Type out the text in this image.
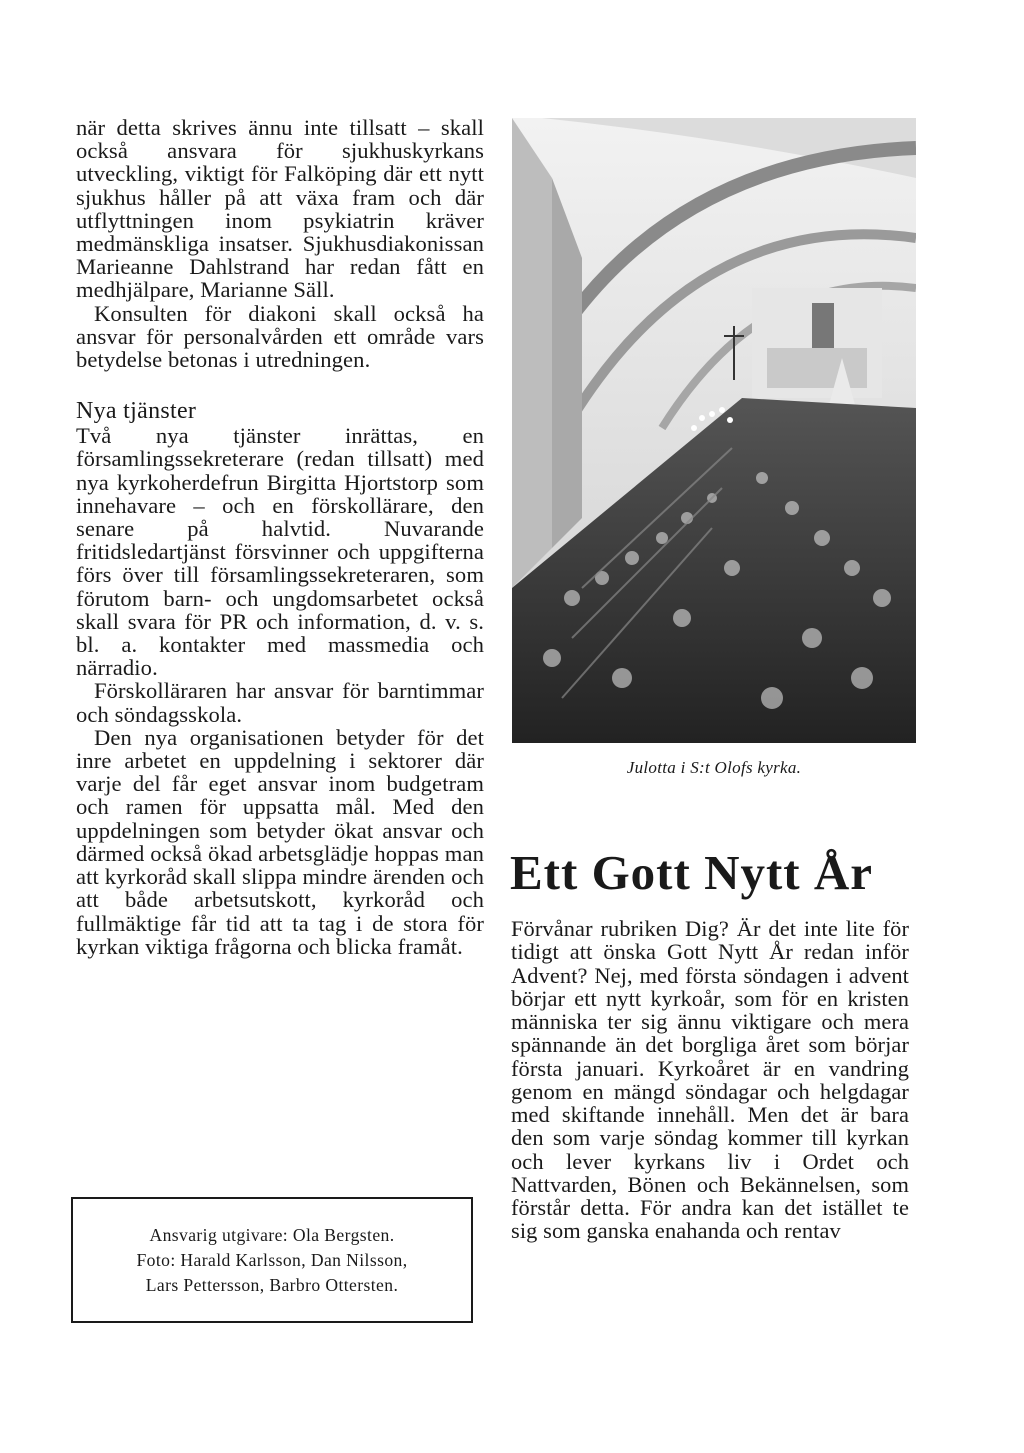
när detta skrives ännu inte tillsatt – skall också ansvara för sjukhuskyrkans utveckling, viktigt för Falköping där ett nytt sjukhus håller på att växa fram och där utflyttningen inom psykiatrin kräver medmänskliga insatser. Sjukhusdiakonissan Marieanne Dahlstrand har redan fått en medhjälpare, Marianne Säll.

Konsulten för diakoni skall också ha ansvar för personalvården ett område vars betydelse betonas i utredningen.

Nya tjänster

Två nya tjänster inrättas, en församlingssekreterare (redan tillsatt) med nya kyrkoherdefrun Birgitta Hjortstorp som innehavare – och en förskollärare, den senare på halvtid. Nuvarande fritidsledartjänst försvinner och uppgifterna förs över till församlingssekreteraren, som förutom barn- och ungdomsarbetet också skall svara för PR och information, d. v. s. bl. a. kontakter med massmedia och närradio.

Förskolläraren har ansvar för barntimmar och söndagsskola.

Den nya organisationen betyder för det inre arbetet en uppdelning i sektorer där varje del får eget ansvar inom budgetram och ramen för uppsatta mål. Med den uppdelningen som betyder ökat ansvar och därmed också ökad arbetsglädje hoppas man att kyrkoråd skall slippa mindre ärenden och att både arbetsutskott, kyrkoråd och fullmäktige får tid att ta tag i de stora för kyrkan viktiga frågorna och blicka framåt.

Ansvarig utgivare: Ola Bergsten.
Foto: Harald Karlsson, Dan Nilsson,
Lars Pettersson, Barbro Ottersten.
Julotta i S:t Olofs kyrka.
Ett Gott Nytt År

Förvånar rubriken Dig? Är det inte lite för tidigt att önska Gott Nytt År redan inför Advent? Nej, med första söndagen i advent börjar ett nytt kyrkoår, som för en kristen människa ter sig ännu viktigare och mera spännande än det borgliga året som börjar första januari. Kyrkoåret är en vandring genom en mängd söndagar och helgdagar med skiftande innehåll. Men det är bara den som varje söndag kommer till kyrkan och lever kyrkans liv i Ordet och Nattvarden, Bönen och Bekännelsen, som förstår detta. För andra kan det istället te sig som ganska enahanda och rentav
